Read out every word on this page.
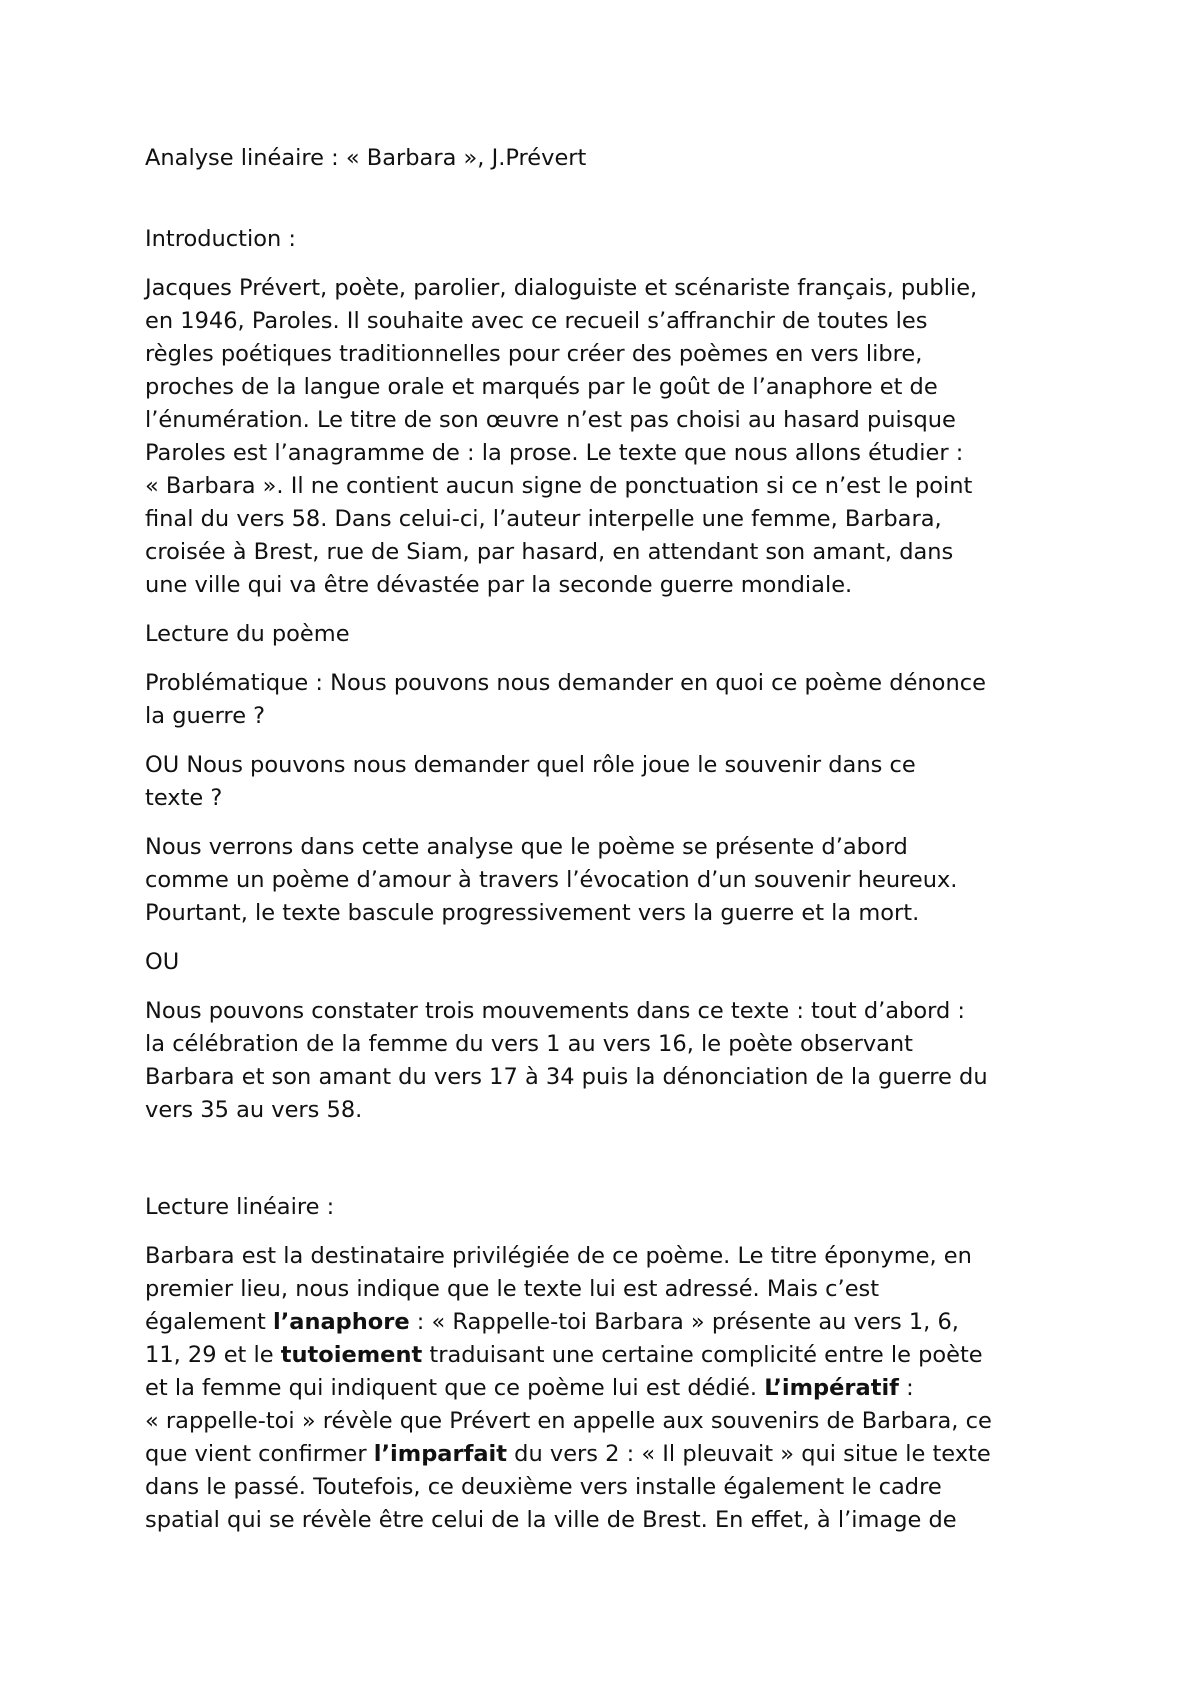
Analyse linéaire : « Barbara », J.Prévert

Introduction :

Jacques Prévert, poète, parolier, dialoguiste et scénariste français, publie,
en 1946, Paroles. Il souhaite avec ce recueil s’affranchir de toutes les
règles poétiques traditionnelles pour créer des poèmes en vers libre,
proches de la langue orale et marqués par le goût de l’anaphore et de
l’énumération. Le titre de son œuvre n’est pas choisi au hasard puisque
Paroles est l’anagramme de : la prose. Le texte que nous allons étudier :
« Barbara ». Il ne contient aucun signe de ponctuation si ce n’est le point
final du vers 58. Dans celui-ci, l’auteur interpelle une femme, Barbara,
croisée à Brest, rue de Siam, par hasard, en attendant son amant, dans
une ville qui va être dévastée par la seconde guerre mondiale.

Lecture du poème

Problématique : Nous pouvons nous demander en quoi ce poème dénonce
la guerre ?

OU Nous pouvons nous demander quel rôle joue le souvenir dans ce
texte ?

Nous verrons dans cette analyse que le poème se présente d’abord
comme un poème d’amour à travers l’évocation d’un souvenir heureux.
Pourtant, le texte bascule progressivement vers la guerre et la mort.

OU

Nous pouvons constater trois mouvements dans ce texte : tout d’abord :
la célébration de la femme du vers 1 au vers 16, le poète observant
Barbara et son amant du vers 17 à 34 puis la dénonciation de la guerre du
vers 35 au vers 58.

Lecture linéaire :

Barbara est la destinataire privilégiée de ce poème. Le titre éponyme, en
premier lieu, nous indique que le texte lui est adressé. Mais c’est
également l’anaphore : « Rappelle-toi Barbara » présente au vers 1, 6,
11, 29 et le tutoiement traduisant une certaine complicité entre le poète
et la femme qui indiquent que ce poème lui est dédié. L’impératif :
« rappelle-toi » révèle que Prévert en appelle aux souvenirs de Barbara, ce
que vient confirmer l’imparfait du vers 2 : « Il pleuvait » qui situe le texte
dans le passé. Toutefois, ce deuxième vers installe également le cadre
spatial qui se révèle être celui de la ville de Brest. En effet, à l’image de
